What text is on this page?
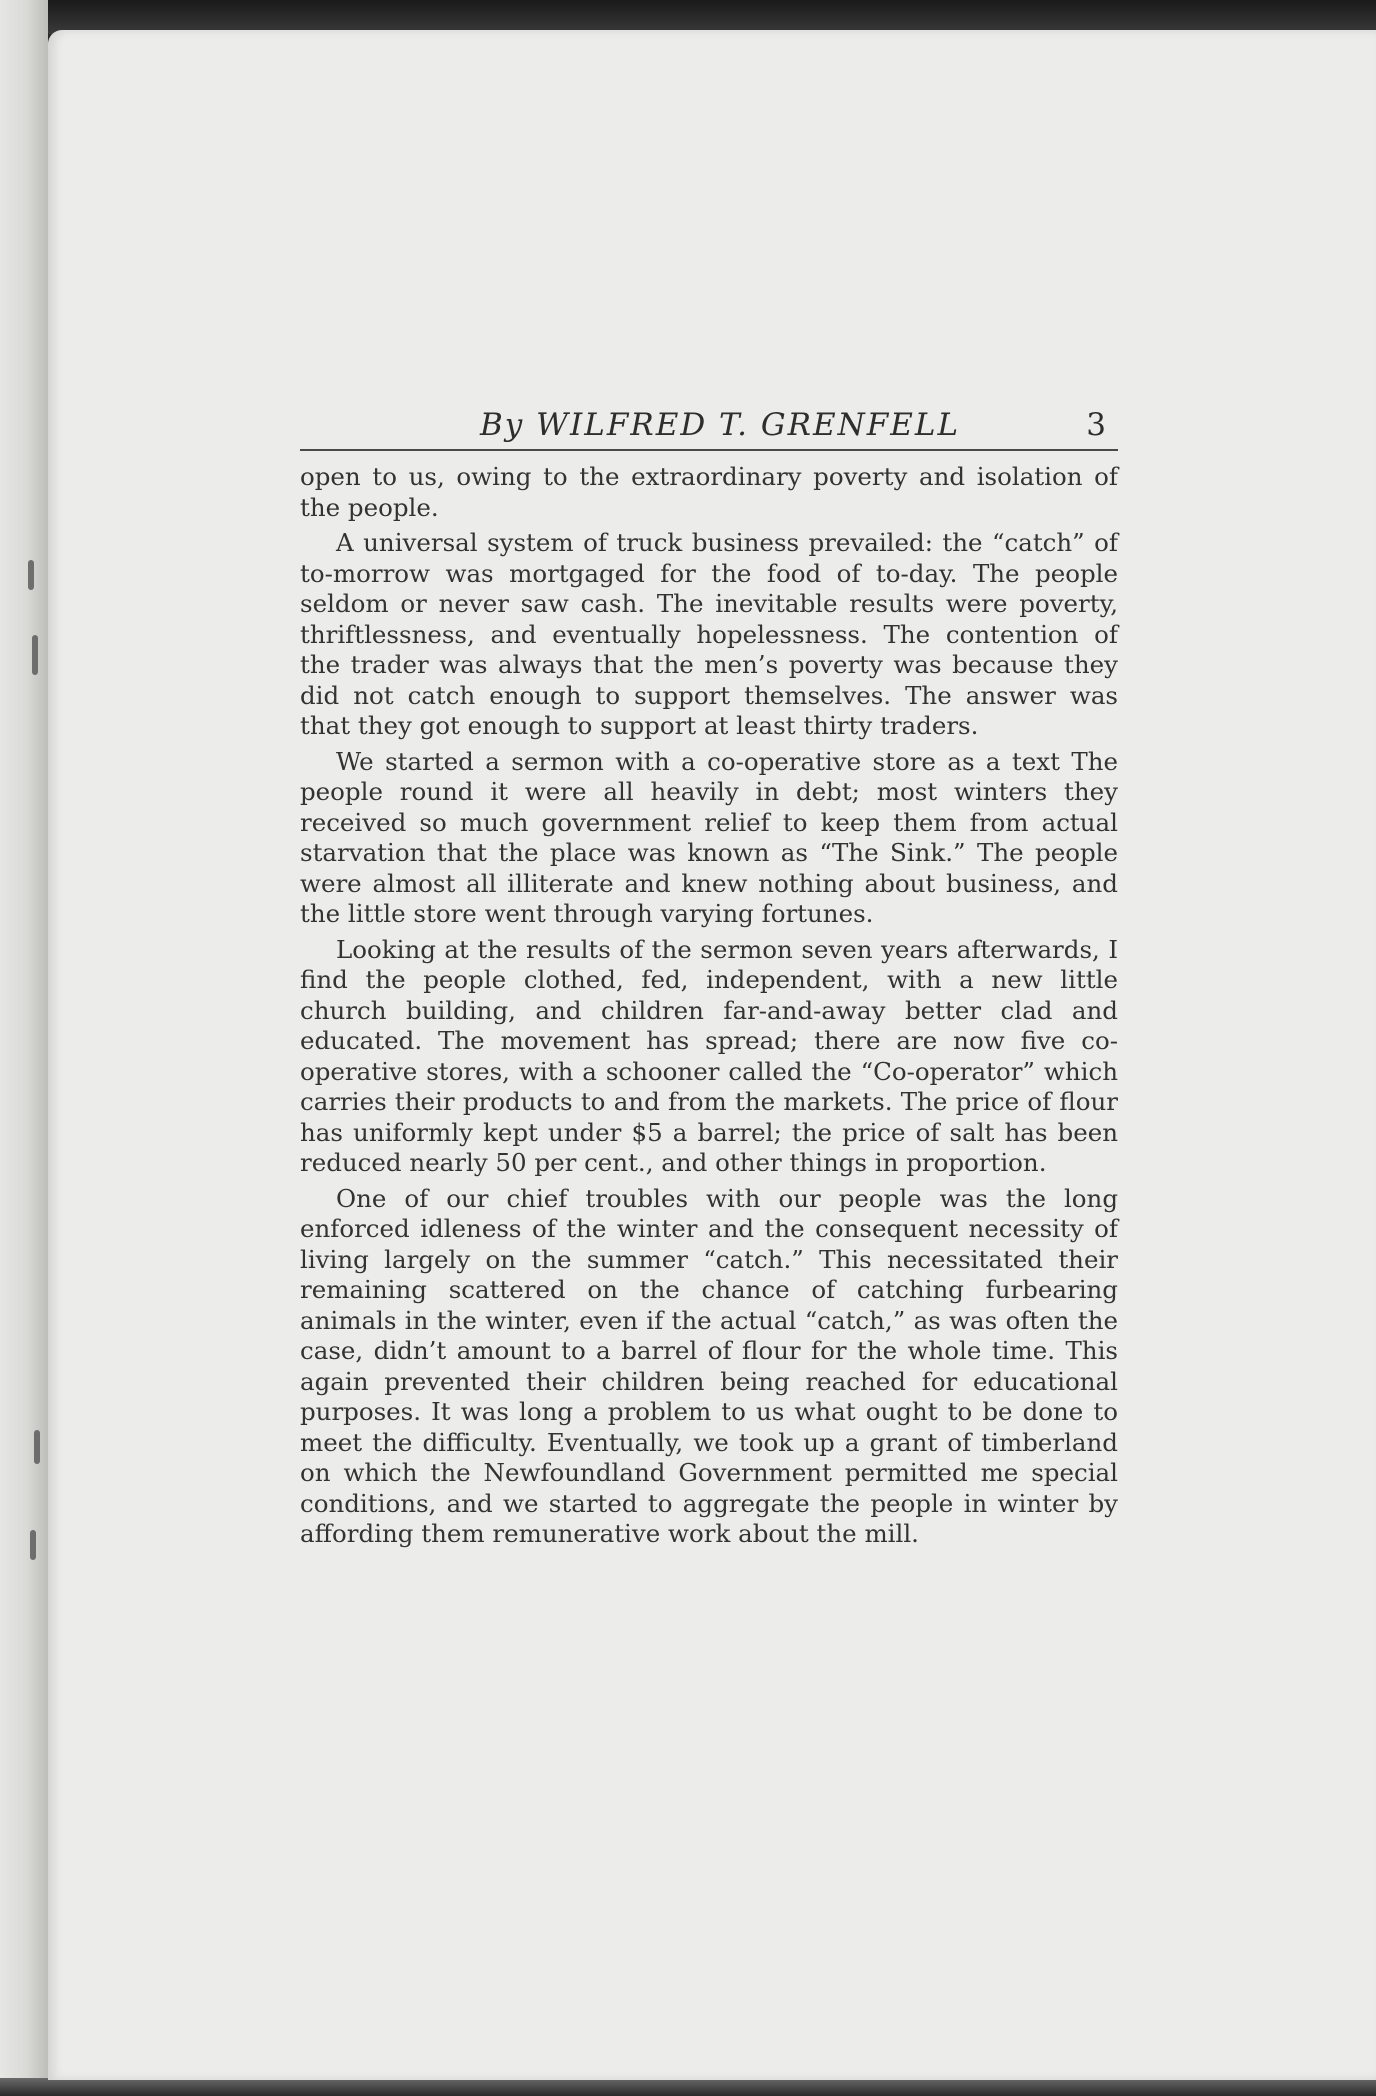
By WILFRED T. GRENFELL	3

open to us, owing to the extraordinary poverty and isolation of the people.

A universal system of truck business prevailed: the “catch” of to-morrow was mortgaged for the food of to-day. The people seldom or never saw cash. The inevitable results were poverty, thriftlessness, and eventually hopelessness. The contention of the trader was always that the men’s poverty was because they did not catch enough to support themselves. The answer was that they got enough to support at least thirty traders.

We started a sermon with a co-operative store as a text The people round it were all heavily in debt; most winters they received so much government relief to keep them from actual starvation that the place was known as “The Sink.” The people were almost all illiterate and knew nothing about business, and the little store went through varying fortunes.

Looking at the results of the sermon seven years afterwards, I find the people clothed, fed, independent, with a new little church building, and children far-and-away better clad and educated. The movement has spread; there are now five co-operative stores, with a schooner called the “Co-operator” which carries their products to and from the markets. The price of flour has uniformly kept under $5 a barrel; the price of salt has been reduced nearly 50 per cent., and other things in proportion.

One of our chief troubles with our people was the long enforced idleness of the winter and the consequent necessity of living largely on the summer “catch.” This necessitated their remaining scattered on the chance of catching furbearing animals in the winter, even if the actual “catch,” as was often the case, didn’t amount to a barrel of flour for the whole time. This again prevented their children being reached for educational purposes. It was long a problem to us what ought to be done to meet the difficulty. Eventually, we took up a grant of timberland on which the Newfoundland Government permitted me special conditions, and we started to aggregate the people in winter by affording them remunerative work about the mill.
